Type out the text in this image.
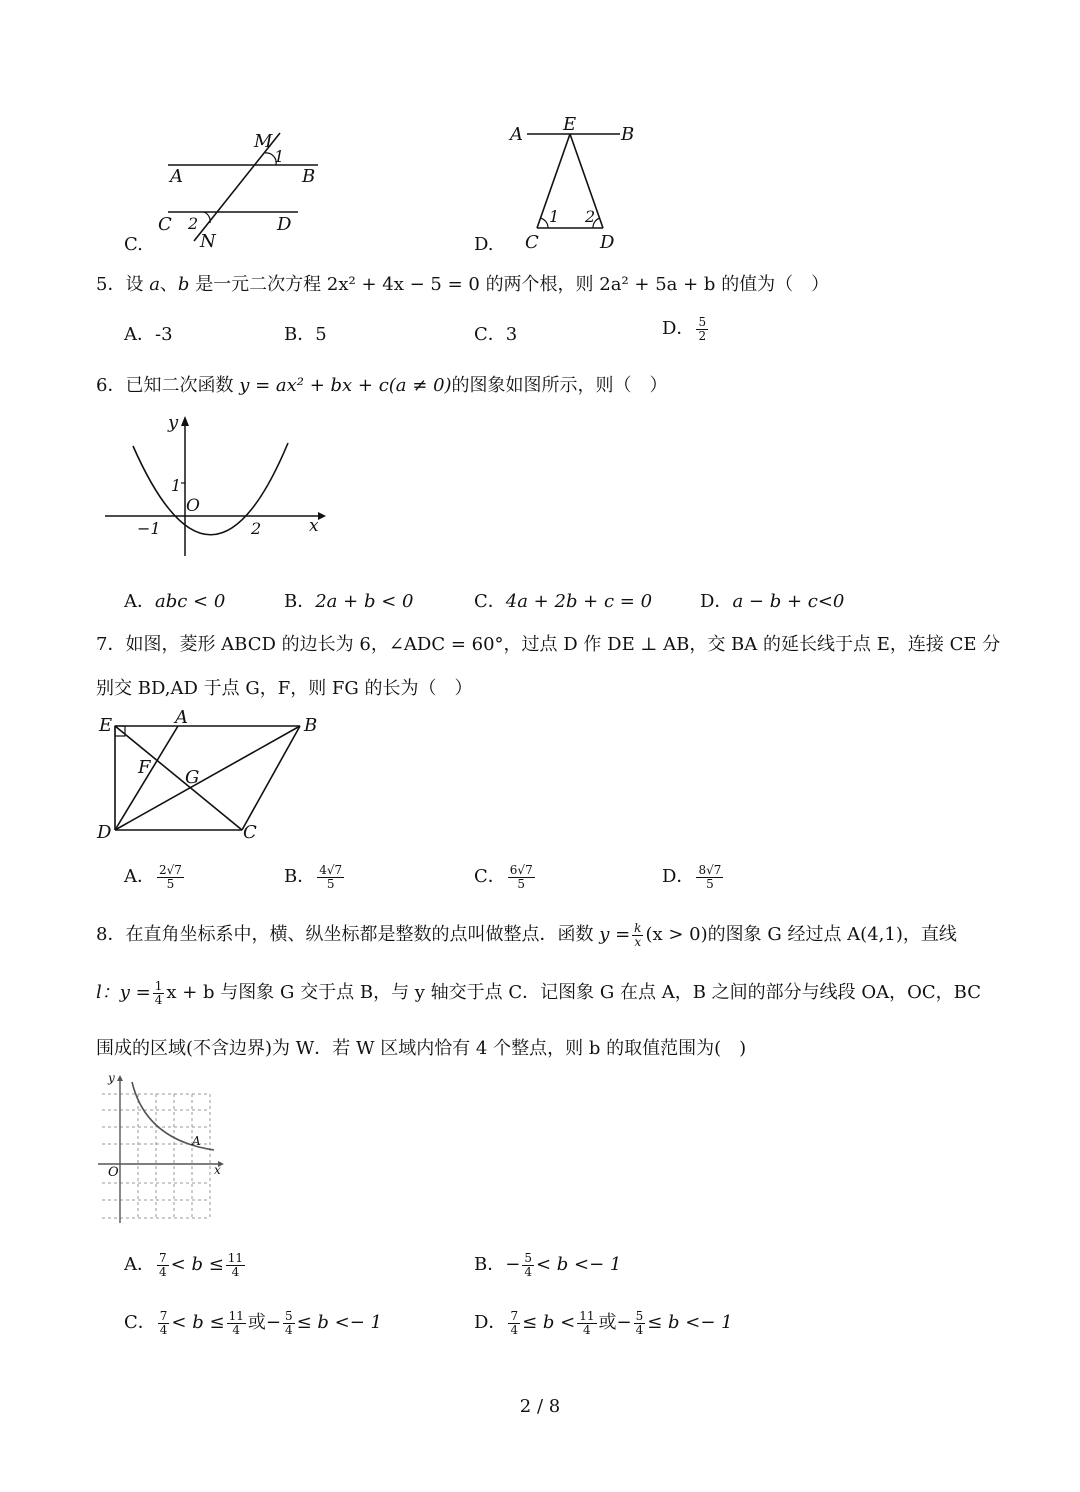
C.
M
1
A	B
C 2	D
N	D.
A E B
1 2
C	D
5．设 a、b 是一元二次方程 2x² + 4x − 5 = 0 的两个根，则 2a² + 5a + b 的值为（　）
A．-3	B．5	C．3	D． $\frac{5}{2}$
6．已知二次函数 y = ax² + bx + c(a ≠ 0)的图象如图所示，则（　）
y
x
O
1
−1	2
A．abc < 0	B．2a + b < 0	C．4a + 2b + c = 0	D．a − b + c<0
7．如图，菱形 ABCD 的边长为 6，∠ADC = 60°，过点 D 作 DE ⊥ AB，交 BA 的延长线于点 E，连接 CE 分
别交 BD,AD 于点 G，F，则 FG 的长为（　）
E	A	B
F G
D	C
A． $\frac{2√7}{5}$	B． $\frac{4√7}{5}$	C． $\frac{6√7}{5}$	D． $\frac{8√7}{5}$
8．在直角坐标系中，横、纵坐标都是整数的点叫做整点．函数 $y = \frac{k}{x} (x > 0)$的图象 G 经过点 A(4,1)，直线
l：$y = \frac{1}{4}$ x + b 与图象 G 交于点 B，与 y 轴交于点 C．记图象 G 在点 A，B 之间的部分与线段 OA，OC，BC
围成的区域(不含边界)为 W．若 W 区域内恰有 4 个整点，则 b 的取值范围为(　)
y
x
O
A
A． $\frac{7}{4} < b \le \frac{11}{4}$	B．− $\frac{5}{4} < b <- 1$
C． $\frac{7}{4} < b \le \frac{11}{4}$ 或− $\frac{5}{4} \le b <- 1$	D． $\frac{7}{4} \le b < \frac{11}{4}$ 或− $\frac{5}{4} \le b <- 1$
2 / 8
